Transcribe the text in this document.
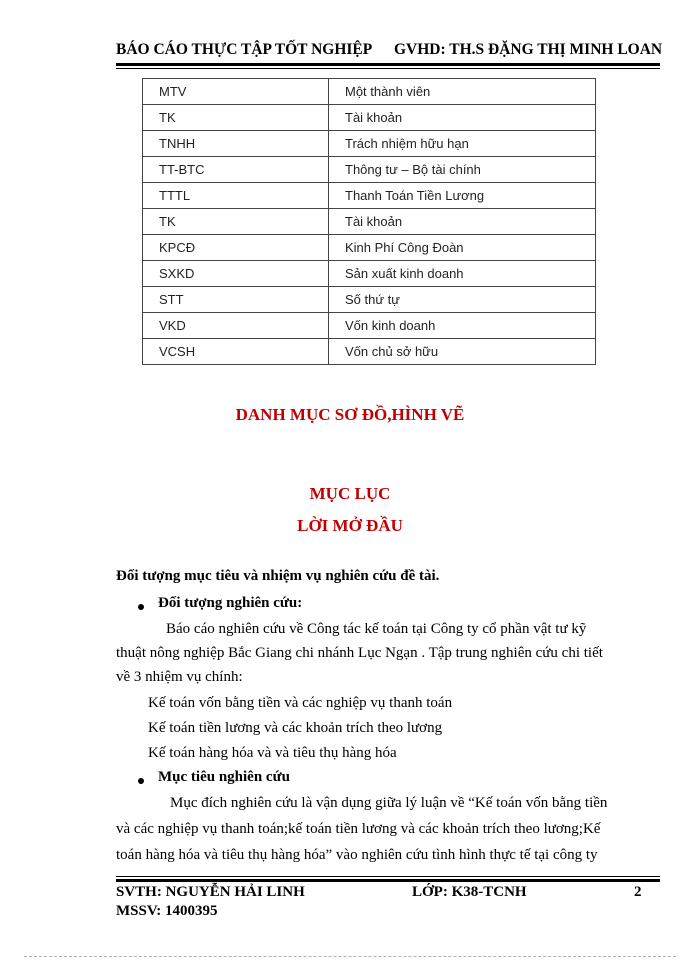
BÁO CÁO THỰC TẬP TỐT NGHIỆP GVHD: TH.S ĐẶNG THỊ MINH LOAN
MTV	Một thành viên
TK	Tài khoản
TNHH	Trách nhiệm hữu hạn
TT-BTC	Thông tư – Bộ tài chính
TTTL	Thanh Toán Tiền Lương
TK	Tài khoản
KPCĐ	Kinh Phí Công Đoàn
SXKD	Sản xuất kinh doanh
STT	Số thứ tự
VKD	Vốn kinh doanh
VCSH	Vốn chủ sở hữu
DANH MỤC SƠ ĐỒ,HÌNH VẼ
MỤC LỤC
LỜI MỞ ĐẦU
Đối tượng mục tiêu và nhiệm vụ nghiên cứu đề tài.
Đối tượng nghiên cứu:
Báo cáo nghiên cứu về Công tác kế toán tại Công ty cổ phần vật tư kỹ
thuật nông nghiệp Bắc Giang chi nhánh Lục Ngạn . Tập trung nghiên cứu chi tiết
về 3 nhiệm vụ chính:
Kế toán vốn bằng tiền và các nghiệp vụ thanh toán
Kế toán tiền lương và các khoản trích theo lương
Kế toán hàng hóa và và tiêu thụ hàng hóa
Mục tiêu nghiên cứu
Mục đích nghiên cứu là vận dụng giữa lý luận về “Kế toán vốn bằng tiền
và các nghiệp vụ thanh toán;kế toán tiền lương và các khoản trích theo lương;Kế
toán hàng hóa và tiêu thụ hàng hóa” vào nghiên cứu tình hình thực tế tại công ty
SVTH: NGUYỄN HẢI LINH	LỚP: K38-TCNH	2
MSSV: 1400395
